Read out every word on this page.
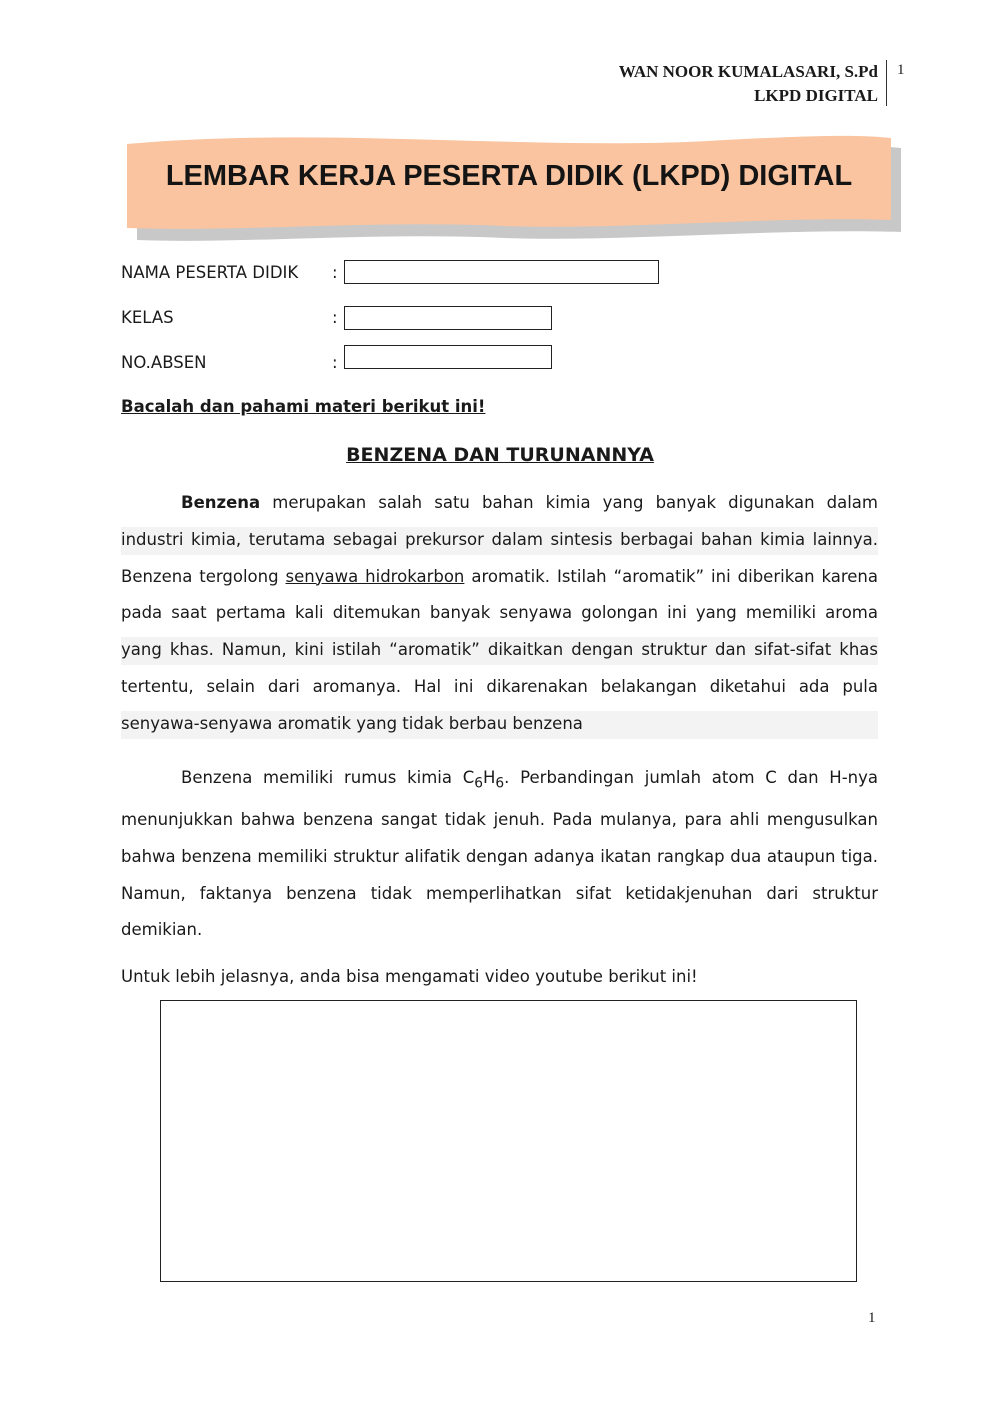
WAN NOOR KUMALASARI, S.Pd
LKPD DIGITAL
1
LEMBAR KERJA PESERTA DIDIK (LKPD) DIGITAL
NAMA PESERTA DIDIK :
KELAS	:
NO.ABSEN	:
Bacalah dan pahami materi berikut ini!
BENZENA DAN TURUNANNYA
Benzena merupakan salah satu bahan kimia yang banyak digunakan dalam industri kimia, terutama sebagai prekursor dalam sintesis berbagai bahan kimia lainnya. Benzena tergolong senyawa hidrokarbon aromatik. Istilah “aromatik” ini diberikan karena pada saat pertama kali ditemukan banyak senyawa golongan ini yang memiliki aroma yang khas. Namun, kini istilah “aromatik” dikaitkan dengan struktur dan sifat-sifat khas tertentu, selain dari aromanya. Hal ini dikarenakan belakangan diketahui ada pula senyawa-senyawa aromatik yang tidak berbau benzena
Benzena memiliki rumus kimia $C_6H_6$. Perbandingan jumlah atom C dan H-nya menunjukkan bahwa benzena sangat tidak jenuh. Pada mulanya, para ahli mengusulkan bahwa benzena memiliki struktur alifatik dengan adanya ikatan rangkap dua ataupun tiga. Namun, faktanya benzena tidak memperlihatkan sifat ketidakjenuhan dari struktur demikian.
Untuk lebih jelasnya, anda bisa mengamati video youtube berikut ini!
1
